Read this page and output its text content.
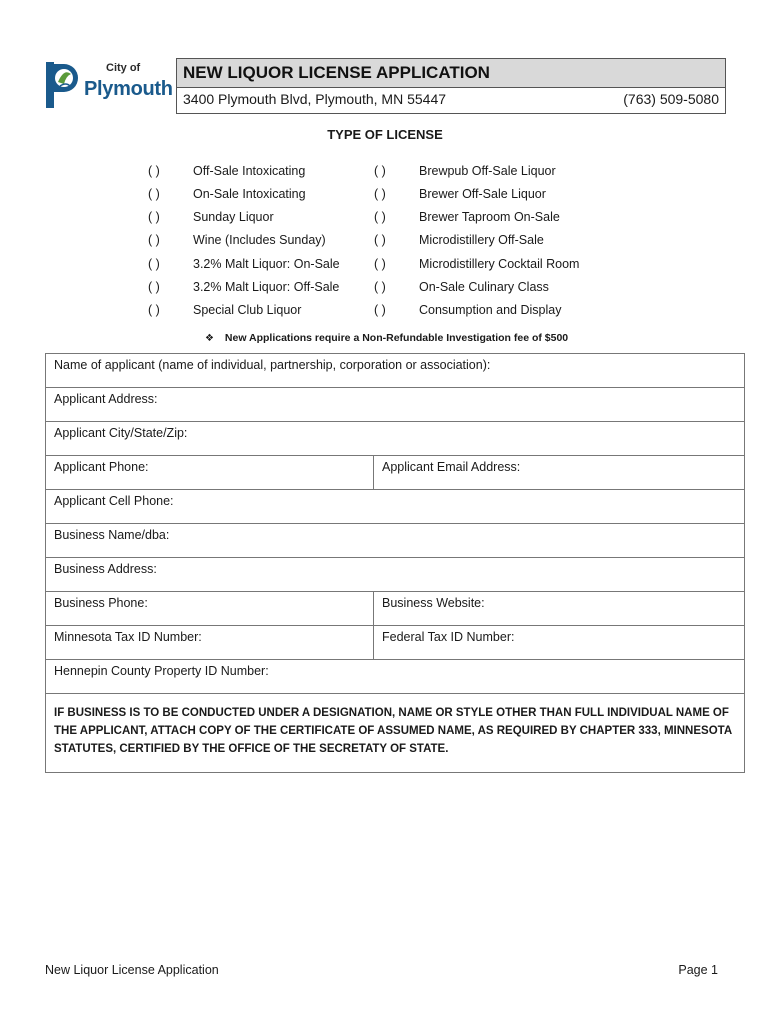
City of
Plymouth
NEW LIQUOR LICENSE APPLICATION
3400 Plymouth Blvd, Plymouth, MN 55447	(763) 509-5080
TYPE OF LICENSE
( )	Off-Sale Intoxicating
( )	On-Sale Intoxicating
( )	Sunday Liquor
( )	Wine (Includes Sunday)
( )	3.2% Malt Liquor: On-Sale
( )	3.2% Malt Liquor: Off-Sale
( )	Special Club Liquor
( )	Brewpub Off-Sale Liquor
( )	Brewer Off-Sale Liquor
( )	Brewer Taproom On-Sale
( )	Microdistillery Off-Sale
( )	Microdistillery Cocktail Room
( )	On-Sale Culinary Class
( )	Consumption and Display
❖ New Applications require a Non-Refundable Investigation fee of $500
Name of applicant (name of individual, partnership, corporation or association):
Applicant Address:
Applicant City/State/Zip:
Applicant Phone:	Applicant Email Address:
Applicant Cell Phone:
Business Name/dba:
Business Address:
Business Phone:	Business Website:
Minnesota Tax ID Number:	Federal Tax ID Number:
Hennepin County Property ID Number:
IF BUSINESS IS TO BE CONDUCTED UNDER A DESIGNATION, NAME OR STYLE OTHER THAN FULL INDIVIDUAL NAME OF THE APPLICANT, ATTACH COPY OF THE CERTIFICATE OF ASSUMED NAME, AS REQUIRED BY CHAPTER 333, MINNESOTA STATUTES, CERTIFIED BY THE OFFICE OF THE SECRETATY OF STATE.
New Liquor License Application	Page 1
